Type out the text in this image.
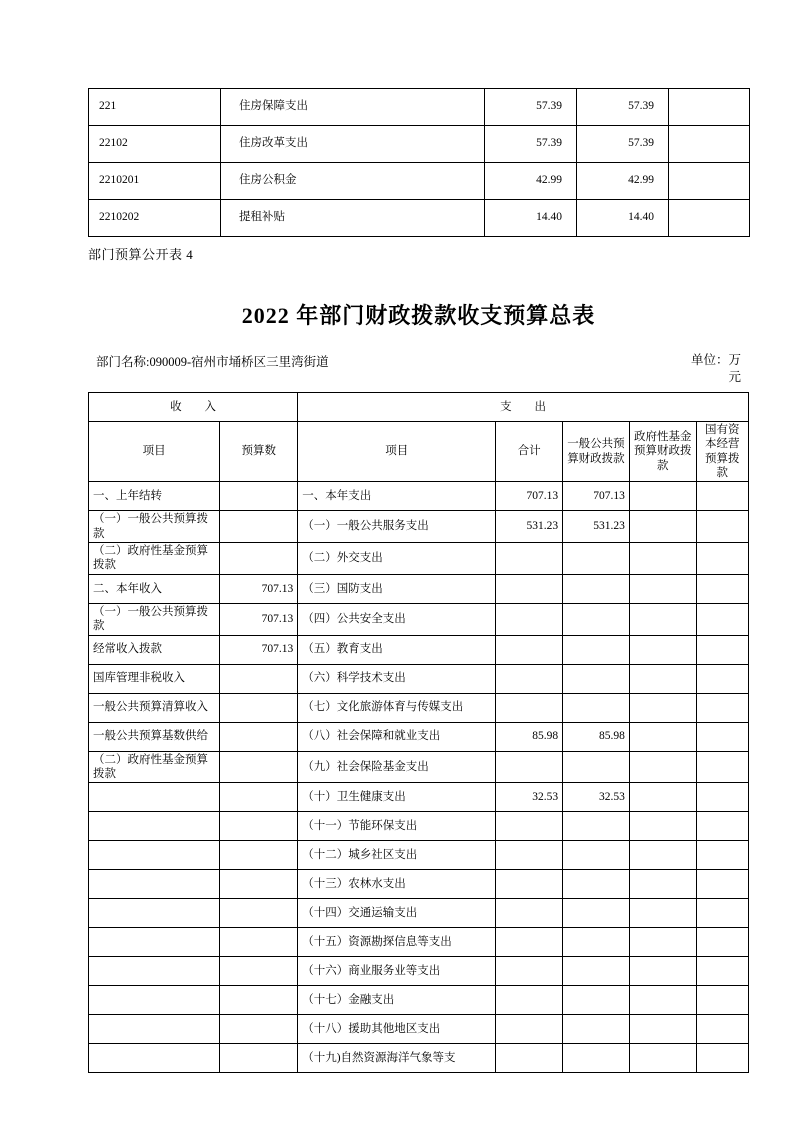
221	住房保障支出	57.39	57.39	
22102	住房改革支出	57.39	57.39	
2210201	住房公积金	42.99	42.99	
2210202	提租补贴	14.40	14.40	
部门预算公开表 4
2022 年部门财政拨款收支预算总表
部门名称:090009-宿州市埇桥区三里湾街道	单位：万
元
收 入		支 出				
项目	预算数	项目	合计	一般公共预算财政拨款	政府性基金预算财政拨款	国有资本经营预算拨款
一、上年结转		一、本年支出	707.13	707.13		
（一）一般公共预算拨款		（一）一般公共服务支出	531.23	531.23		
（二）政府性基金预算拨款		（二）外交支出				
二、本年收入	707.13	（三）国防支出				
（一）一般公共预算拨款	707.13	（四）公共安全支出				
经常收入拨款	707.13	（五）教育支出				
国库管理非税收入		（六）科学技术支出				
一般公共预算清算收入		（七）文化旅游体育与传媒支出				
一般公共预算基数供给		（八）社会保障和就业支出	85.98	85.98		
（二）政府性基金预算拨款		（九）社会保险基金支出				
		（十）卫生健康支出	32.53	32.53		
		（十一）节能环保支出				
		（十二）城乡社区支出				
		（十三）农林水支出				
		（十四）交通运输支出				
		（十五）资源勘探信息等支出				
		（十六）商业服务业等支出				
		（十七）金融支出				
		（十八）援助其他地区支出				
		（十九)自然资源海洋气象等支				
